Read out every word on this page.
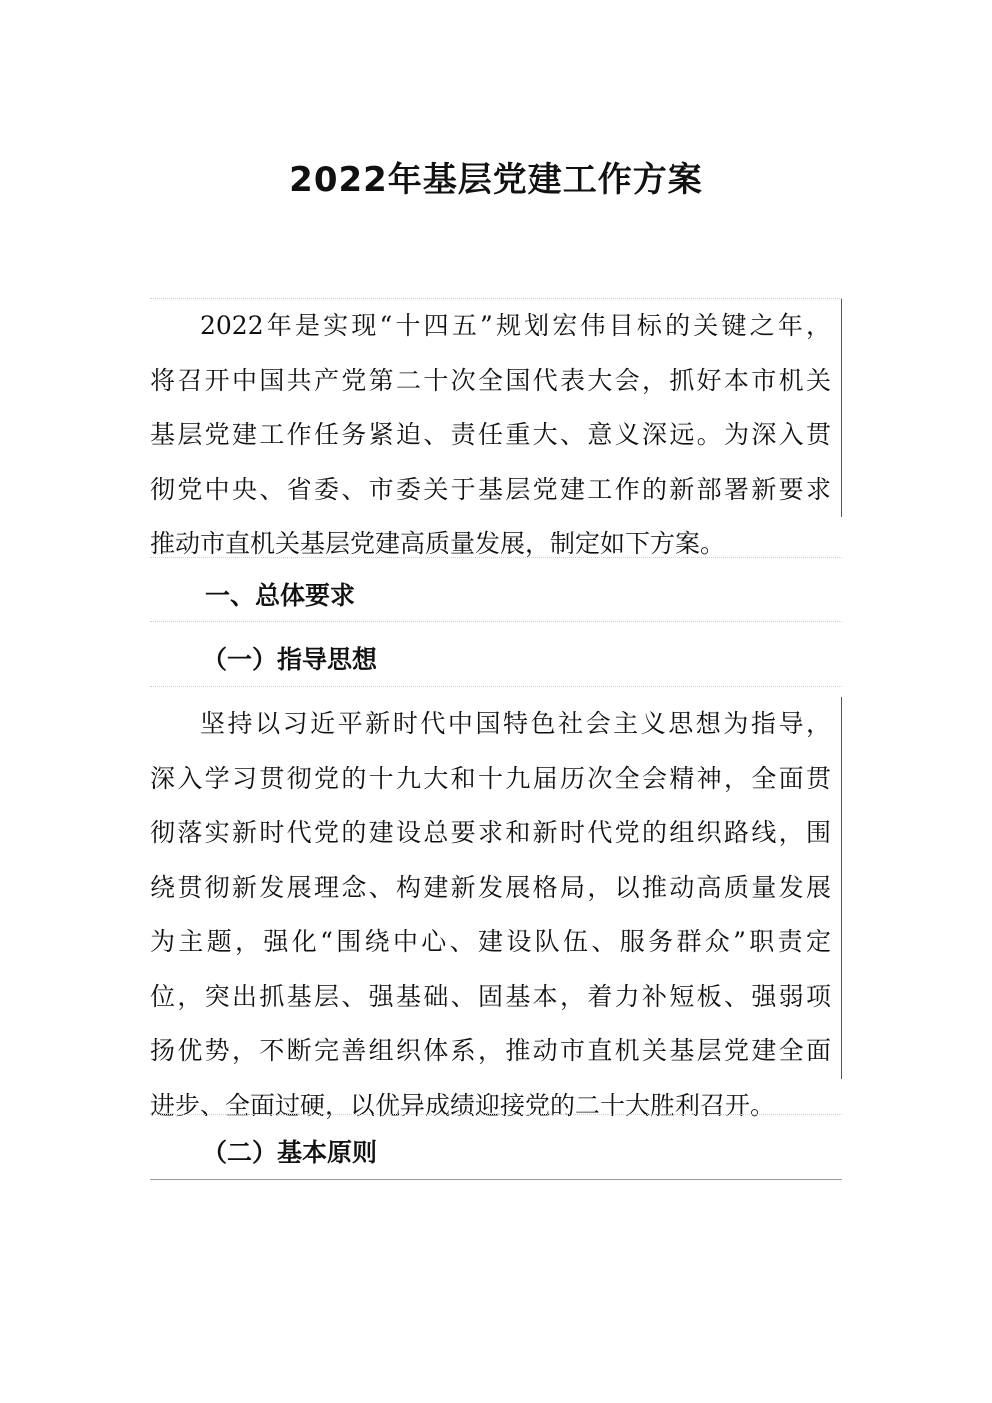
2022年基层党建工作方案
2022年是实现“十四五”规划宏伟目标的关键之年，
将召开中国共产党第二十次全国代表大会，抓好本市机关
基层党建工作任务紧迫、责任重大、意义深远。为深入贯
彻党中央、省委、市委关于基层党建工作的新部署新要求
推动市直机关基层党建高质量发展，制定如下方案。
一、总体要求
（一）指导思想
坚持以习近平新时代中国特色社会主义思想为指导，
深入学习贯彻党的十九大和十九届历次全会精神，全面贯
彻落实新时代党的建设总要求和新时代党的组织路线，围
绕贯彻新发展理念、构建新发展格局，以推动高质量发展
为主题，强化“围绕中心、建设队伍、服务群众”职责定
位，突出抓基层、强基础、固基本，着力补短板、强弱项
扬优势，不断完善组织体系，推动市直机关基层党建全面
进步、全面过硬，以优异成绩迎接党的二十大胜利召开。
（二）基本原则
